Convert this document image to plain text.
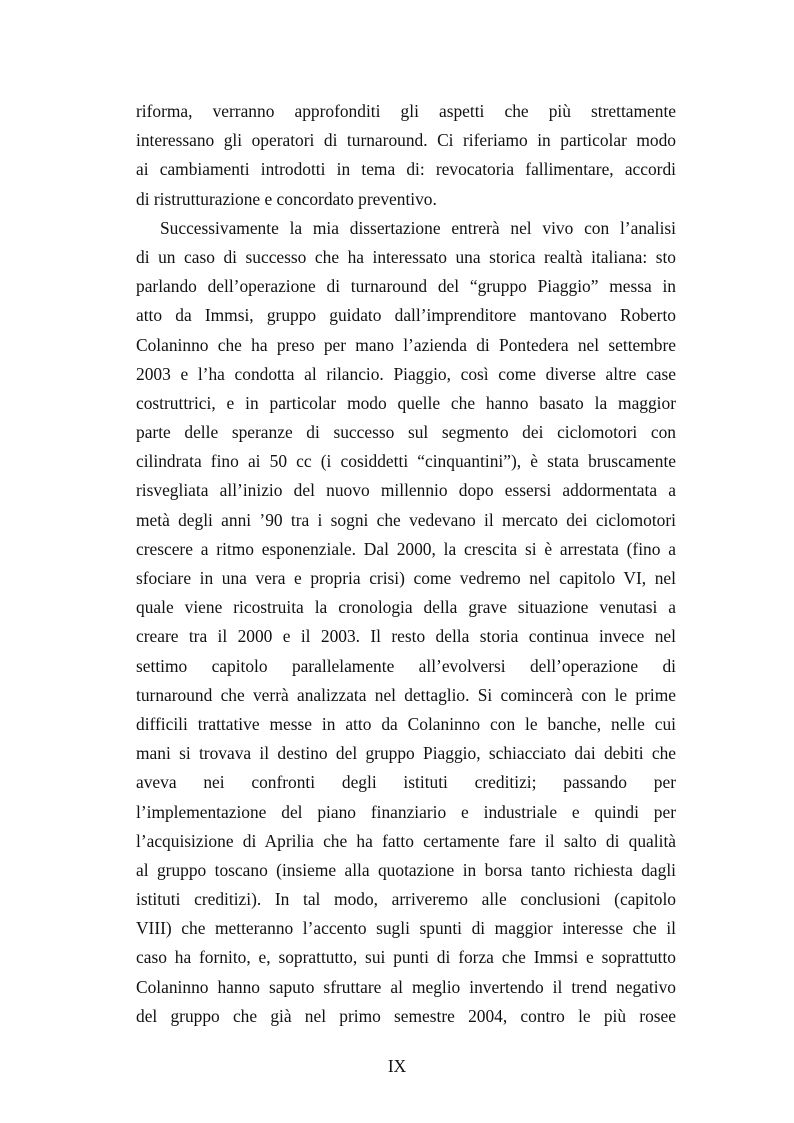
riforma, verranno approfonditi gli aspetti che più strettamente
interessano gli operatori di turnaround. Ci riferiamo in particolar modo
ai cambiamenti introdotti in tema di: revocatoria fallimentare, accordi
di ristrutturazione e concordato preventivo.
Successivamente la mia dissertazione entrerà nel vivo con l’analisi
di un caso di successo che ha interessato una storica realtà italiana: sto
parlando dell’operazione di turnaround del “gruppo Piaggio” messa in
atto da Immsi, gruppo guidato dall’imprenditore mantovano Roberto
Colaninno che ha preso per mano l’azienda di Pontedera nel settembre
2003 e l’ha condotta al rilancio. Piaggio, così come diverse altre case
costruttrici, e in particolar modo quelle che hanno basato la maggior
parte delle speranze di successo sul segmento dei ciclomotori con
cilindrata fino ai 50 cc (i cosiddetti “cinquantini”), è stata bruscamente
risvegliata all’inizio del nuovo millennio dopo essersi addormentata a
metà degli anni ’90 tra i sogni che vedevano il mercato dei ciclomotori
crescere a ritmo esponenziale. Dal 2000, la crescita si è arrestata (fino a
sfociare in una vera e propria crisi) come vedremo nel capitolo VI, nel
quale viene ricostruita la cronologia della grave situazione venutasi a
creare tra il 2000 e il 2003. Il resto della storia continua invece nel
settimo capitolo parallelamente all’evolversi dell’operazione di
turnaround che verrà analizzata nel dettaglio. Si comincerà con le prime
difficili trattative messe in atto da Colaninno con le banche, nelle cui
mani si trovava il destino del gruppo Piaggio, schiacciato dai debiti che
aveva nei confronti degli istituti creditizi; passando per
l’implementazione del piano finanziario e industriale e quindi per
l’acquisizione di Aprilia che ha fatto certamente fare il salto di qualità
al gruppo toscano (insieme alla quotazione in borsa tanto richiesta dagli
istituti creditizi). In tal modo, arriveremo alle conclusioni (capitolo
VIII) che metteranno l’accento sugli spunti di maggior interesse che il
caso ha fornito, e, soprattutto, sui punti di forza che Immsi e soprattutto
Colaninno hanno saputo sfruttare al meglio invertendo il trend negativo
del gruppo che già nel primo semestre 2004, contro le più rosee
IX
